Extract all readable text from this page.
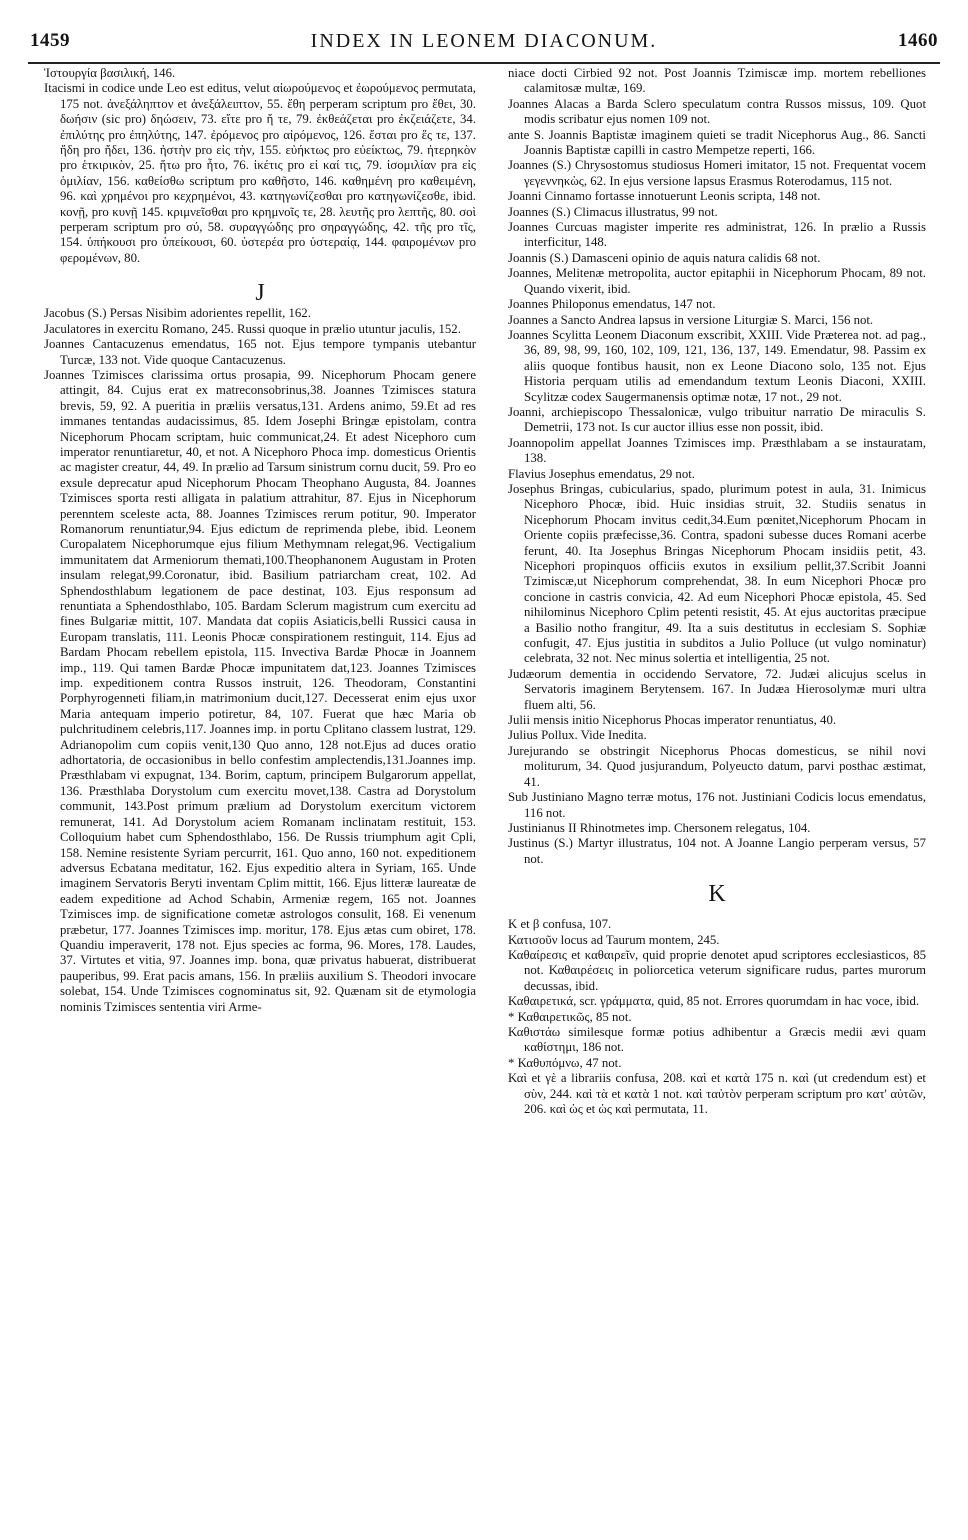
1459	INDEX IN LEONEM DIACONUM.	1460

Ἱστουργία βασιλική, 146.

Itacismi in codice unde Leo est editus, velut αἰωρούμενος et ἐωρούμενος permutata, 175 not. ἀνεξάληπτον et ἀνεξάλειπτον, 55. ἔθη perperam scriptum pro ἔθει, 30. δωήσιν (sic pro) δηώσειν, 73. εἴτε pro ἤ τε, 79. ἐκθεάζεται pro ἐκζειάζετε, 34. ἐπιλύτης pro ἐπηλύτης, 147. ἐρόμενος pro αἰρόμενος, 126. ἔσται pro ἕς τε, 137. ἤδη pro ἤδει, 136. ἠστὴν pro εἰς τὴν, 155. εὐήκτως pro εὐείκτως, 79. ἠτερηκὸν pro ἑτκιρικὸν, 25. ἥτω pro ἦτο, 76. ἰκέτις pro εἰ καί τις, 79. ἰσομιλίαν pra εἰς ὁμιλίαν, 156. καθείσθω scriptum pro καθῆστο, 146. καθημένη pro καθειμένη, 96. καὶ χρημένοι pro κεχρημένοι, 43. κατηγωνίζεσθαι pro κατηγωνίζεσθε, ibid. κονῇ, pro κυνῇ 145. κριμνεῖσθαι pro κρημνοῖς τε, 28. λευτῆς pro λεπτῆς, 80. σοὶ perperam scriptum pro σύ, 58. συραγγώδης pro σηραγγώδης, 42. τῆς pro τῖς, 154. ὑπήκουσι pro ὑπείκουσι, 60. ὑστερέα pro ὑστεραίᾳ, 144. φαιρομένων pro φερομένων, 80.

J

Jacobus (S.) Persas Nisibim adorientes repellit, 162.

Jaculatores in exercitu Romano, 245. Russi quoque in prælio utuntur jaculis, 152.

Joannes Cantacuzenus emendatus, 165 not. Ejus tempore tympanis utebantur Turcæ, 133 not. Vide quoque Cantacuzenus.

Joannes Tzimisces clarissima ortus prosapia, 99. Nicephorum Phocam genere attingit, 84. Cujus erat ex matreconsobrinus,38. Joannes Tzimisces statura brevis, 59, 92. A pueritia in præliis versatus,131. Ardens animo, 59.Et ad res immanes tentandas audacissimus, 85. Idem Josephi Bringæ epistolam, contra Nicephorum Phocam scriptam, huic communicat,24. Et adest Nicephoro cum imperator renuntiaretur, 40, et not. A Nicephoro Phoca imp. domesticus Orientis ac magister creatur, 44, 49. In prælio ad Tarsum sinistrum cornu ducit, 59. Pro eo exsule deprecatur apud Nicephorum Phocam Theophano Augusta, 84. Joannes Tzimisces sporta resti alligata in palatium attrahitur, 87. Ejus in Nicephorum perenntem sceleste acta, 88. Joannes Tzimisces rerum potitur, 90. Imperator Romanorum renuntiatur,94. Ejus edictum de reprimenda plebe, ibid. Leonem Curopalatem Nicephorumque ejus filium Methymnam relegat,96. Vectigalium immunitatem dat Armeniorum themati,100.Theophanonem Augustam in Proten insulam relegat,99.Coronatur, ibid. Basilium patriarcham creat, 102. Ad Sphendosthlabum legationem de pace destinat, 103. Ejus responsum ad renuntiata a Sphendosthlabo, 105. Bardam Sclerum magistrum cum exercitu ad fines Bulgariæ mittit, 107. Mandata dat copiis Asiaticis,belli Russici causa in Europam translatis, 111. Leonis Phocæ conspirationem restinguit, 114. Ejus ad Bardam Phocam rebellem epistola, 115. Invectiva Bardæ Phocæ in Joannem imp., 119. Qui tamen Bardæ Phocæ impunitatem dat,123. Joannes Tzimisces imp. expeditionem contra Russos instruit, 126. Theodoram, Constantini Porphyrogenneti filiam,in matrimonium ducit,127. Decesserat enim ejus uxor Maria antequam imperio potiretur, 84, 107. Fuerat que hæc Maria ob pulchritudinem celebris,117. Joannes imp. in portu Cplitano classem lustrat, 129. Adrianopolim cum copiis venit,130 Quo anno, 128 not.Ejus ad duces oratio adhortatoria, de occasionibus in bello confestim amplectendis,131.Joannes imp. Præsthlabam vi expugnat, 134. Borim, captum, principem Bulgarorum appellat, 136. Præsthlaba Dorystolum cum exercitu movet,138. Castra ad Dorystolum communit, 143.Post primum prælium ad Dorystolum exercitum victorem remunerat, 141. Ad Dorystolum aciem Romanam inclinatam restituit, 153. Colloquium habet cum Sphendosthlabo, 156. De Russis triumphum agit Cpli, 158. Nemine resistente Syriam percurrit, 161. Quo anno, 160 not. expeditionem adversus Ecbatana meditatur, 162. Ejus expeditio altera in Syriam, 165. Unde imaginem Servatoris Beryti inventam Cplim mittit, 166. Ejus litteræ laureatæ de eadem expeditione ad Achod Schabin, Armeniæ regem, 165 not. Joannes Tzimisces imp. de significatione cometæ astrologos consulit, 168. Ei venenum præbetur, 177. Joannes Tzimisces imp. moritur, 178. Ejus ætas cum obiret, 178. Quandiu imperaverit, 178 not. Ejus species ac forma, 96. Mores, 178. Laudes, 37. Virtutes et vitia, 97. Joannes imp. bona, quæ privatus habuerat, distribuerat pauperibus, 99. Erat pacis amans, 156. In præliis auxilium S. Theodori invocare solebat, 154. Unde Tzimisces cognominatus sit, 92. Quænam sit de etymologia nominis Tzimisces sententia viri Arme-

niace docti Cirbied 92 not. Post Joannis Tzimiscæ imp. mortem rebelliones calamitosæ multæ, 169.

Joannes Alacas a Barda Sclero speculatum contra Russos missus, 109. Quot modis scribatur ejus nomen 109 not.

ante S. Joannis Baptistæ imaginem quieti se tradit Nicephorus Aug., 86. Sancti Joannis Baptistæ capilli in castro Mempetze reperti, 166.

Joannes (S.) Chrysostomus studiosus Homeri imitator, 15 not. Frequentat vocem γεγεννηκὼς, 62. In ejus versione lapsus Erasmus Roterodamus, 115 not.

Joanni Cinnamo fortasse innotuerunt Leonis scripta, 148 not.

Joannes (S.) Climacus illustratus, 99 not.

Joannes Curcuas magister imperite res administrat, 126. In prælio a Russis interficitur, 148.

Joannis (S.) Damasceni opinio de aquis natura calidis 68 not.

Joannes, Melitenæ metropolita, auctor epitaphii in Nicephorum Phocam, 89 not. Quando vixerit, ibid.

Joannes Philoponus emendatus, 147 not.

Joannes a Sancto Andrea lapsus in versione Liturgiæ S. Marci, 156 not.

Joannes Scylitta Leonem Diaconum exscribit, XXIII. Vide Præterea not. ad pag., 36, 89, 98, 99, 160, 102, 109, 121, 136, 137, 149. Emendatur, 98. Passim ex aliis quoque fontibus hausit, non ex Leone Diacono solo, 135 not. Ejus Historia perquam utilis ad emendandum textum Leonis Diaconi, XXIII. Scylitzæ codex Saugermanensis optimæ notæ, 17 not., 29 not.

Joanni, archiepiscopo Thessalonicæ, vulgo tribuitur narratio De miraculis S. Demetrii, 173 not. Is cur auctor illius esse non possit, ibid.

Joannopolim appellat Joannes Tzimisces imp. Præsthlabam a se instauratam, 138.

Flavius Josephus emendatus, 29 not.

Josephus Bringas, cubicularius, spado, plurimum potest in aula, 31. Inimicus Nicephoro Phocæ, ibid. Huic insidias struit, 32. Studiis senatus in Nicephorum Phocam invitus cedit,34.Eum pœnitet,Nicephorum Phocam in Oriente copiis præfecisse,36. Contra, spadoni subesse duces Romani acerbe ferunt, 40. Ita Josephus Bringas Nicephorum Phocam insidiis petit, 43. Nicephori propinquos officiis exutos in exsilium pellit,37.Scribit Joanni Tzimiscæ,ut Nicephorum comprehendat, 38. In eum Nicephori Phocæ pro concione in castris convicia, 42. Ad eum Nicephori Phocæ epistola, 45. Sed nihilominus Nicephoro Cplim petenti resistit, 45. At ejus auctoritas præcipue a Basilio notho frangitur, 49. Ita a suis destitutus in ecclesiam S. Sophiæ confugit, 47. Ejus justitia in subditos a Julio Polluce (ut vulgo nominatur) celebrata, 32 not. Nec minus solertia et intelligentia, 25 not.

Judæorum dementia in occidendo Servatore, 72. Judæi alicujus scelus in Servatoris imaginem Berytensem. 167. In Judæa Hierosolymæ muri ultra fluem alti, 56.

Julii mensis initio Nicephorus Phocas imperator renuntiatus, 40.

Julius Pollux. Vide Inedita.

Jurejurando se obstringit Nicephorus Phocas domesticus, se nihil novi moliturum, 34. Quod jusjurandum, Polyeucto datum, parvi posthac æstimat, 41.

Sub Justiniano Magno terræ motus, 176 not. Justiniani Codicis locus emendatus, 116 not.

Justinianus II Rhinotmetes imp. Chersonem relegatus, 104.

Justinus (S.) Martyr illustratus, 104 not. A Joanne Langio perperam versus, 57 not.

K

K et β confusa, 107.

Κατισοῦν locus ad Taurum montem, 245.

Καθαίρεσις et καθαιρεῖν, quid proprie denotet apud scriptores ecclesiasticos, 85 not. Καθαιρέσεις in poliorcetica veterum significare rudus, partes murorum decussas, ibid.

Καθαιρετικά, scr. γράμματα, quid, 85 not. Errores quorumdam in hac voce, ibid.

* Καθαιρετικῶς, 85 not.

Καθιστάω similesque formæ potius adhibentur a Græcis medii ævi quam καθίστημι, 186 not.

* Καθυπόμνω, 47 not.

Καὶ et γὲ a librariis confusa, 208. καὶ et κατὰ 175 n. καὶ (ut credendum est) et σὺν, 244. καὶ τὰ et κατὰ 1 not. καὶ ταὐτὸν perperam scriptum pro κατ' αὐτῶν, 206. καὶ ὡς et ὡς καὶ permutata, 11.
